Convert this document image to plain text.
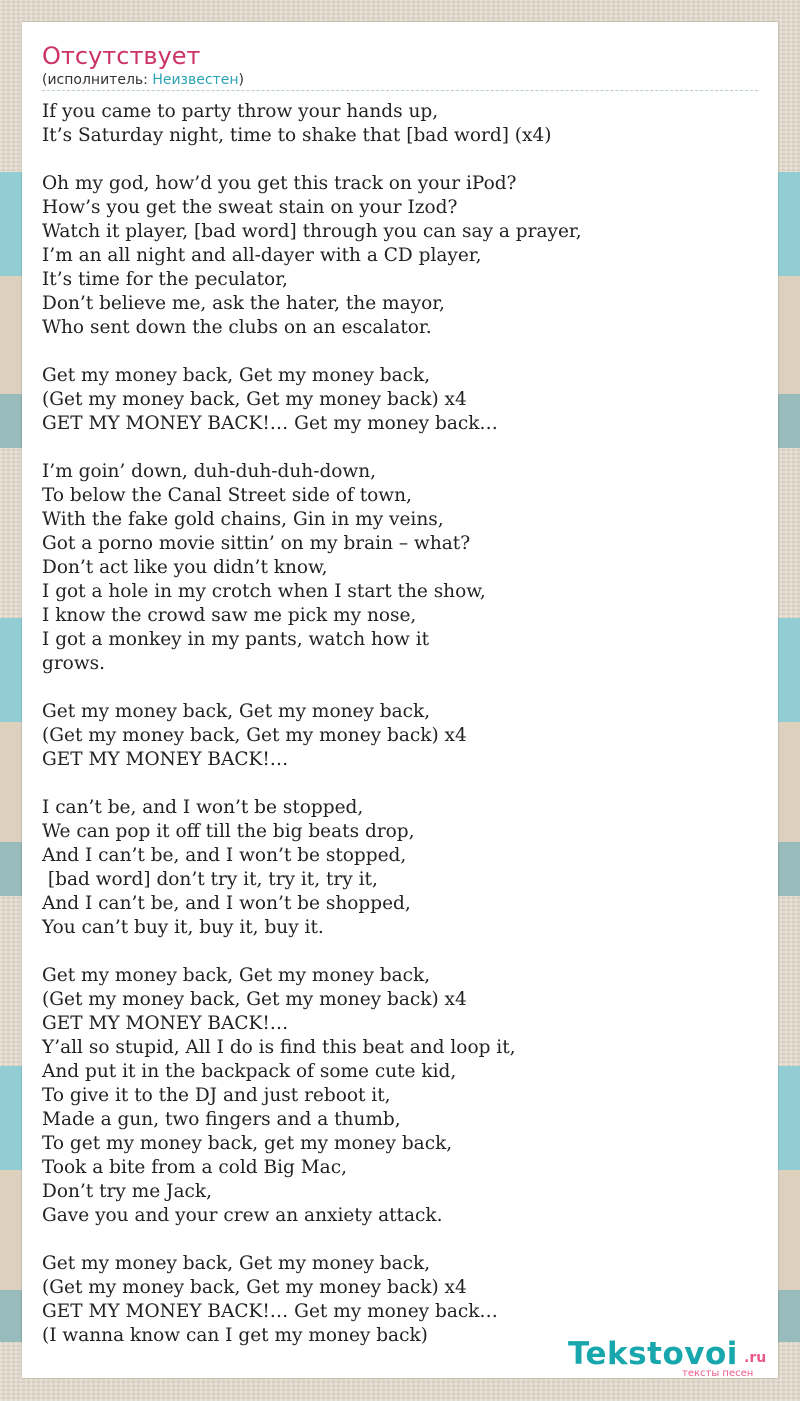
Отсутствует
(исполнитель: Неизвестен)
If you came to party throw your hands up,
It’s Saturday night, time to shake that [bad word] (x4)
Oh my god, how’d you get this track on your iPod?
How’s you get the sweat stain on your Izod?
Watch it player, [bad word] through you can say a prayer,
I’m an all night and all-dayer with a CD player,
It’s time for the peculator,
Don’t believe me, ask the hater, the mayor,
Who sent down the clubs on an escalator.
Get my money back, Get my money back,
(Get my money back, Get my money back) x4
GET MY MONEY BACK!… Get my money back…
I’m goin’ down, duh-duh-duh-down,
To below the Canal Street side of town,
With the fake gold chains, Gin in my veins,
Got a porno movie sittin’ on my brain – what?
Don’t act like you didn’t know,
I got a hole in my crotch when I start the show,
I know the crowd saw me pick my nose,
I got a monkey in my pants, watch how it
grows.
Get my money back, Get my money back,
(Get my money back, Get my money back) x4
GET MY MONEY BACK!…
I can’t be, and I won’t be stopped,
We can pop it off till the big beats drop,
And I can’t be, and I won’t be stopped,
[bad word] don’t try it, try it, try it,
And I can’t be, and I won’t be shopped,
You can’t buy it, buy it, buy it.
Get my money back, Get my money back,
(Get my money back, Get my money back) x4
GET MY MONEY BACK!…
Y’all so stupid, All I do is find this beat and loop it,
And put it in the backpack of some cute kid,
To give it to the DJ and just reboot it,
Made a gun, two fingers and a thumb,
To get my money back, get my money back,
Took a bite from a cold Big Mac,
Don’t try me Jack,
Gave you and your crew an anxiety attack.
Get my money back, Get my money back,
(Get my money back, Get my money back) x4
GET MY MONEY BACK!… Get my money back…
(I wanna know can I get my money back)
Tekstovoi .ru
тексты песен
